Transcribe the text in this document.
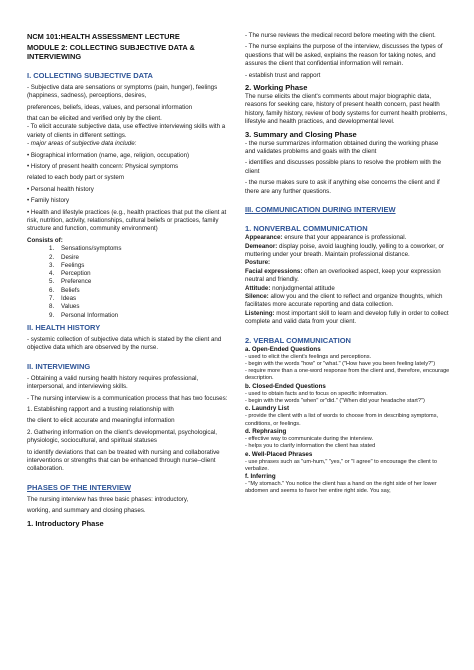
NCM 101:HEALTH ASSESSMENT LECTURE
MODULE 2: COLLECTING SUBJECTIVE DATA & INTERVIEWING
I. COLLECTING SUBJECTIVE DATA
- Subjective data are sensations or symptoms (pain, hunger), feelings (happiness, sadness), perceptions, desires,
preferences, beliefs, ideas, values, and personal information
that can be elicited and verified only by the client.
- To elicit accurate subjective data, use effective interviewing skills with a variety of clients in different settings.
- major areas of subjective data include:
• Biographical information (name, age, religion, occupation)
• History of present health concern: Physical symptoms
related to each body part or system
• Personal health history
• Family history
• Health and lifestyle practices (e.g., health practices that put the client at risk, nutrition, activity, relationships, cultural beliefs or practices, family structure and function, community environment)
Consists of:
1.	Sensations/symptoms
2.	Desire
3.	Feelings
4.	Perception
5.	Preference
6.	Beliefs
7.	Ideas
8.	Values
9.	Personal Information
II. HEALTH HISTORY
- systemic collection of subjective data which is stated by the client and objective data which are observed by the nurse.
II. INTERVIEWING
- Obtaining a valid nursing health history requires professional, interpersonal, and interviewing skills.
- The nursing interview is a communication process that has two focuses:
1. Establishing rapport and a trusting relationship with
the client to elicit accurate and meaningful information
2. Gathering information on the client's developmental, psychological, physiologic, sociocultural, and spiritual statuses
to identify deviations that can be treated with nursing and collaborative interventions or strengths that can be enhanced through nurse–client collaboration.
PHASES OF THE INTERVIEW
The nursing interview has three basic phases: introductory,
working, and summary and closing phases.
1. Introductory Phase
- The nurse reviews the medical record before meeting with the client.
- The nurse explains the purpose of the interview, discusses the types of questions that will be asked, explains the reason for taking notes, and assures the client that confidential information will remain.
- establish trust and rapport
2. Working Phase
The nurse elicits the client's comments about major biographic data, reasons for seeking care, history of present health concern, past health history, family history, review of body systems for current health problems, lifestyle and health practices, and developmental level.
3. Summary and Closing Phase
- the nurse summarizes information obtained during the working phase and validates problems and goals with the client
- identifies and discusses possible plans to resolve the problem with the client
- the nurse makes sure to ask if anything else concerns the client and if there are any further questions.
III. COMMUNICATION DURING INTERVIEW
1. NONVERBAL COMMUNICATION
Appearance: ensure that your appearance is professional.
Demeanor: display poise, avoid laughing loudly, yelling to a coworker, or muttering under your breath. Maintain professional distance.
Posture:
Facial expressions: often an overlooked aspect, keep your expression neutral and friendly.
Attitude: nonjudgmental attitude
Silence: allow you and the client to reflect and organize thoughts, which facilitates more accurate reporting and data collection.
Listening: most important skill to learn and develop fully in order to collect complete and valid data from your client.
2. VERBAL COMMUNICATION
a. Open-Ended Questions
- used to elicit the client's feelings and perceptions.
- begin with the words "how" or "what." ("How have you been feeling lately?")
- require more than a one-word response from the client and, therefore, encourage description.
b. Closed-Ended Questions
- used to obtain facts and to focus on specific information.
- begin with the words "when" or"did." ("When did your headache start?")
c. Laundry List
- provide the client with a list of words to choose from in describing symptoms, conditions, or feelings.
d. Rephrasing
- effective way to communicate during the interview.
- helps you to clarify information the client has stated
e. Well-Placed Phrases
- use phrases such as "um-hum," "yes," or "I agree" to encourage the client to verbalize.
f. Inferring
- "My stomach." You notice the client has a hand on the right side of her lower abdomen and seems to favor her entire right side. You say,
